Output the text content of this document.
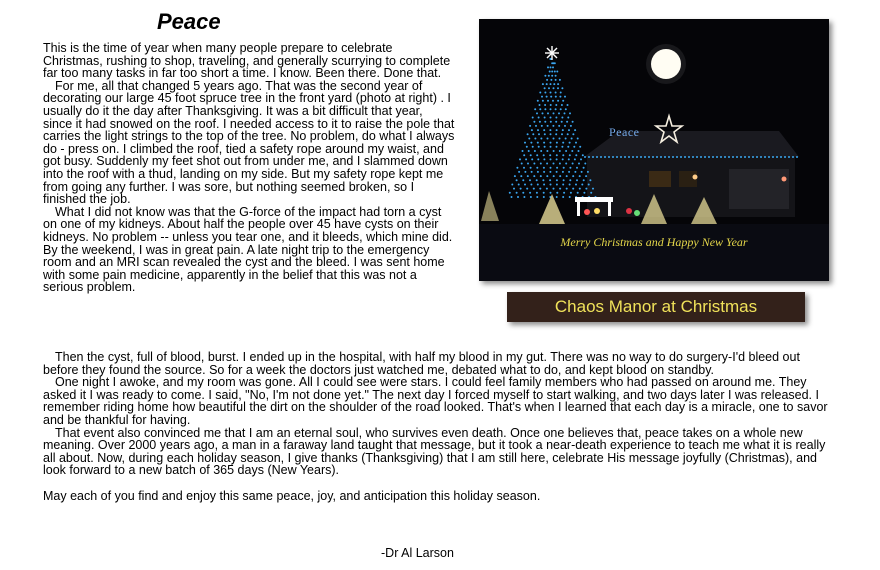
Peace

This is the time of year when many people prepare to celebrate Christmas, rushing to shop, traveling, and generally scurrying to complete far too many tasks in far too short a time. I know. Been there. Done that.

For me, all that changed 5 years ago. That was the second year of decorating our large 45 foot spruce tree in the front yard (photo at right) . I usually do it the day after Thanksgiving. It was a bit difficult that year, since it had snowed on the roof. I needed access to it to raise the pole that carries the light strings to the top of the tree. No problem, do what I always do - press on. I climbed the roof, tied a safety rope around my waist, and got busy. Suddenly my feet shot out from under me, and I slammed down into the roof with a thud, landing on my side. But my safety rope kept me from going any further. I was sore, but nothing seemed broken, so I finished the job.

What I did not know was that the G-force of the impact had torn a cyst on one of my kidneys. About half the people over 45 have cysts on their kidneys. No problem -- unless you tear one, and it bleeds, which mine did. By the weekend, I was in great pain. A late night trip to the emergency room and an MRI scan revealed the cyst and the bleed. I was sent home with some pain medicine, apparently in the belief that this was not a serious problem.

Peace
Merry Christmas and Happy New Year
Chaos Manor at Christmas

Then the cyst, full of blood, burst. I ended up in the hospital, with half my blood in my gut. There was no way to do surgery-I'd bleed out before they found the source. So for a week the doctors just watched me, debated what to do, and kept blood on standby.

One night I awoke, and my room was gone. All I could see were stars. I could feel family members who had passed on around me. They asked it I was ready to come. I said, "No, I'm not done yet." The next day I forced myself to start walking, and two days later I was released. I remember riding home how beautiful the dirt on the shoulder of the road looked. That's when I learned that each day is a miracle, one to savor and be thankful for having.

That event also convinced me that I am an eternal soul, who survives even death. Once one believes that, peace takes on a whole new meaning. Over 2000 years ago, a man in a faraway land taught that message, but it took a near-death experience to teach me what it is really all about. Now, during each holiday season, I give thanks (Thanksgiving) that I am still here, celebrate His message joyfully (Christmas), and look forward to a new batch of 365 days (New Years).

May each of you find and enjoy this same peace, joy, and anticipation this holiday season.

-Dr Al Larson
